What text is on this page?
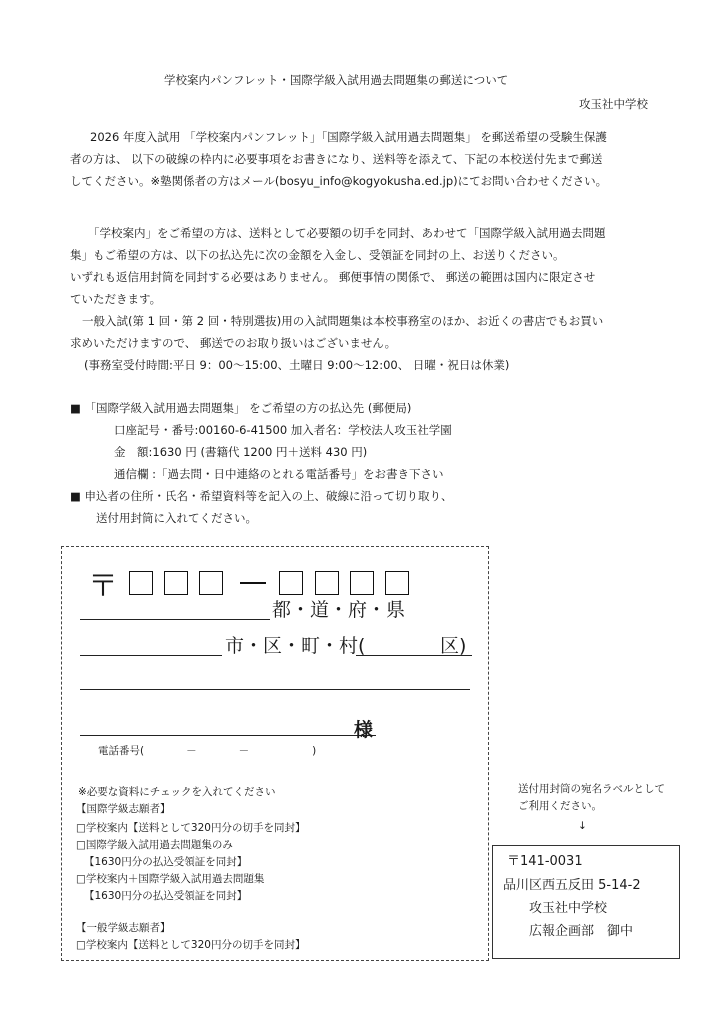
学校案内パンフレット・国際学級入試用過去問題集の郵送について
攻玉社中学校
2026 年度入試用 「学校案内パンフレット」「国際学級入試用過去問題集」 を郵送希望の受験生保護
者の方は、 以下の破線の枠内に必要事項をお書きになり、送料等を添えて、下記の本校送付先まで郵送
してください。※塾関係者の方はメール(bosyu_info@kogyokusha.ed.jp)にてお問い合わせください。
「学校案内」をご希望の方は、送料として必要額の切手を同封、あわせて「国際学級入試用過去問題
集」もご希望の方は、以下の払込先に次の金額を入金し、受領証を同封の上、お送りください。
いずれも返信用封筒を同封する必要はありません。 郵便事情の関係で、 郵送の範囲は国内に限定させ
ていただきます。
一般入試(第 1 回・第 2 回・特別選抜)用の入試問題集は本校事務室のほか、お近くの書店でもお買い
求めいただけますので、 郵送でのお取り扱いはございません。
(事務室受付時間:平日 9：00～15:00、土曜日 9:00～12:00、 日曜・祝日は休業)
■ 「国際学級入試用過去問題集」 をご希望の方の払込先 (郵便局)
口座記号・番号:00160-6-41500 加入者名：学校法人攻玉社学園
金　額:1630 円 (書籍代 1200 円＋送料 430 円)
通信欄 :「過去問・日中連絡のとれる電話番号」をお書き下さい
■ 申込者の住所・氏名・希望資料等を記入の上、破線に沿って切り取り、
送付用封筒に入れてください。
〒
都・道・府・県
市・区・町・村(	区)
様
電話番号(　　　　－　　　　－　　　　　　)
※必要な資料にチェックを入れてください
【国際学級志願者】
□学校案内【送料として320円分の切手を同封】
□国際学級入試用過去問題集のみ
【1630円分の払込受領証を同封】
□学校案内＋国際学級入試用過去問題集
【1630円分の払込受領証を同封】
【一般学級志願者】
□学校案内【送料として320円分の切手を同封】
送付用封筒の宛名ラベルとして
ご利用ください。
↓
〒141-0031
品川区西五反田 5-14-2
攻玉社中学校
広報企画部　御中
